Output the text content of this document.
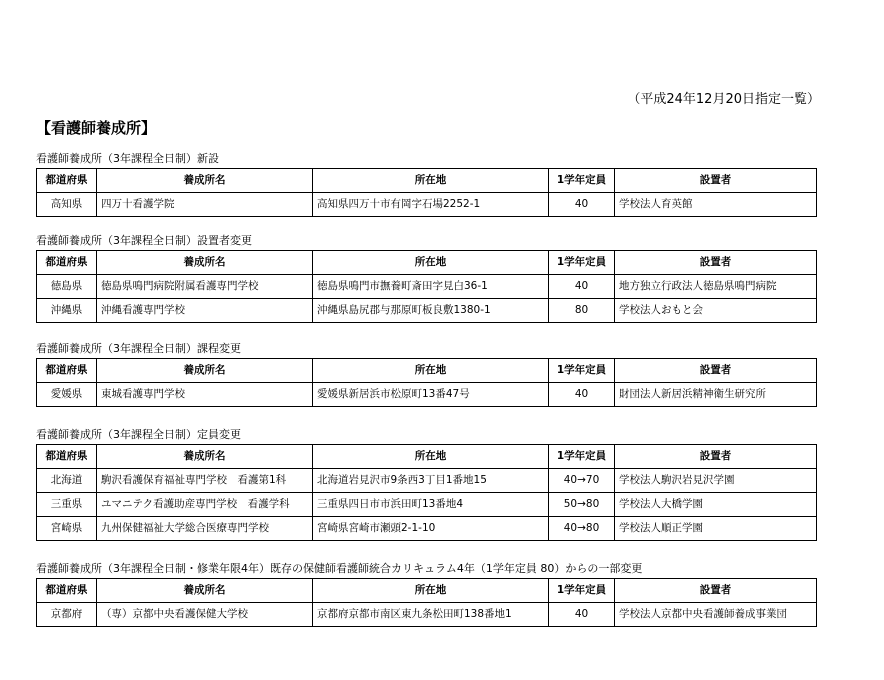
（平成24年12月20日指定一覧）
【看護師養成所】
看護師養成所（3年課程全日制）新設
都道府県	養成所名	所在地	1学年定員	設置者
高知県	四万十看護学院	高知県四万十市有岡字石場2252-1	40	学校法人育英館
看護師養成所（3年課程全日制）設置者変更
都道府県	養成所名	所在地	1学年定員	設置者
徳島県	徳島県鳴門病院附属看護専門学校	徳島県鳴門市撫養町斎田字見白36-1	40	地方独立行政法人徳島県鳴門病院
沖縄県	沖縄看護専門学校	沖縄県島尻郡与那原町板良敷1380-1	80	学校法人おもと会
看護師養成所（3年課程全日制）課程変更
都道府県	養成所名	所在地	1学年定員	設置者
愛媛県	東城看護専門学校	愛媛県新居浜市松原町13番47号	40	財団法人新居浜精神衛生研究所
看護師養成所（3年課程全日制）定員変更
都道府県	養成所名	所在地	1学年定員	設置者
北海道	駒沢看護保育福祉専門学校　看護第1科	北海道岩見沢市9条西3丁目1番地15	40→70	学校法人駒沢岩見沢学園
三重県	ユマニテク看護助産専門学校　看護学科	三重県四日市市浜田町13番地4	50→80	学校法人大橋学園
宮崎県	九州保健福祉大学総合医療専門学校	宮崎県宮崎市瀬頭2-1-10	40→80	学校法人順正学園
看護師養成所（3年課程全日制・修業年限4年）既存の保健師看護師統合カリキュラム4年（1学年定員 80）からの一部変更
都道府県	養成所名	所在地	1学年定員	設置者
京都府	（専）京都中央看護保健大学校	京都府京都市南区東九条松田町138番地1	40	学校法人京都中央看護師養成事業団
